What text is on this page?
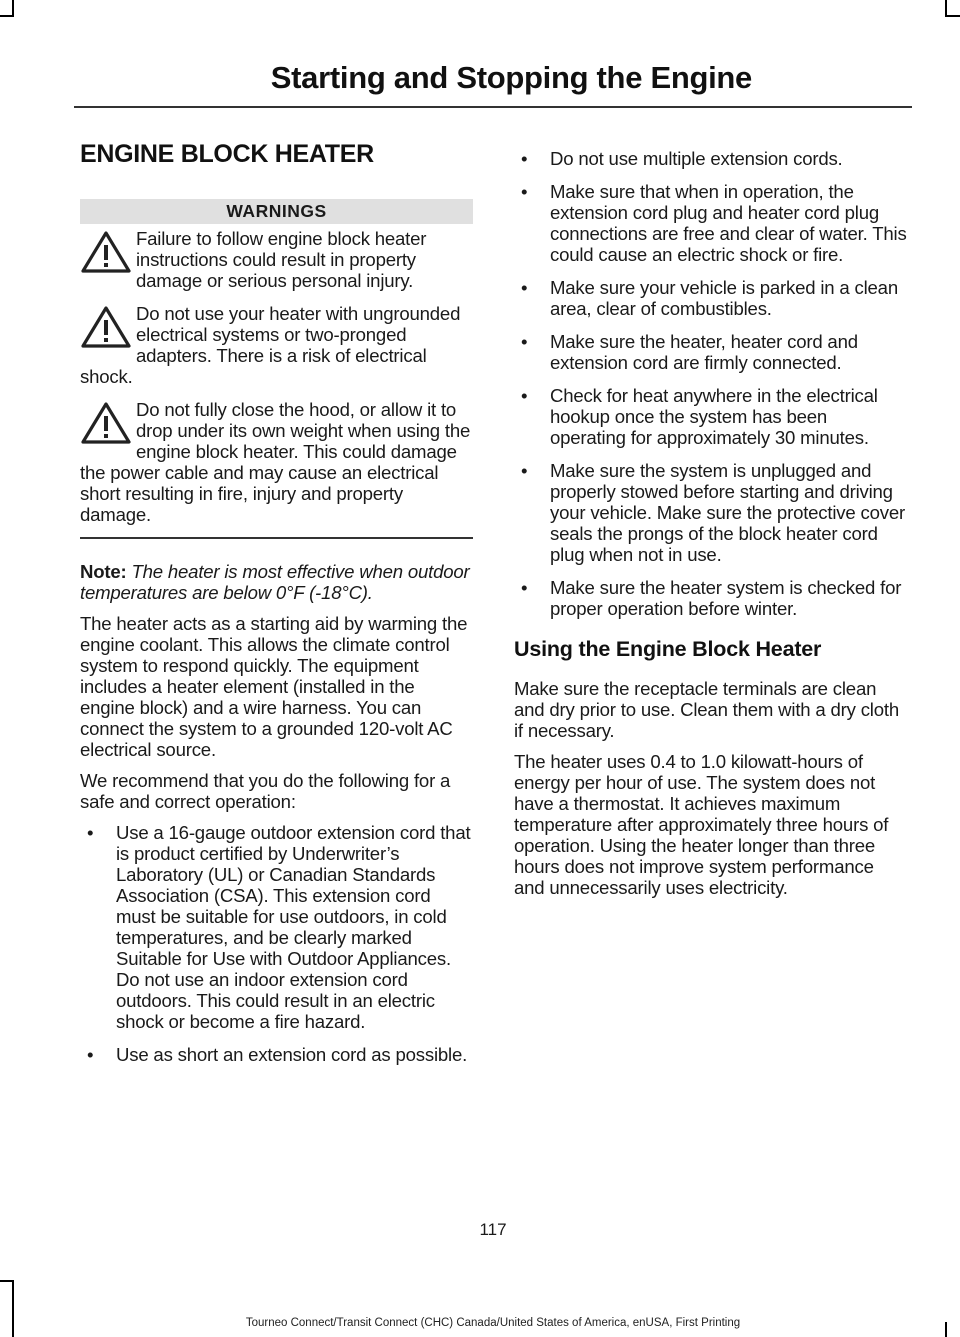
Starting and Stopping the Engine
ENGINE BLOCK HEATER
WARNINGS

Failure to follow engine block heater instructions could result in property damage or serious personal injury.

Do not use your heater with ungrounded electrical systems or two-pronged adapters. There is a risk of electrical shock.

Do not fully close the hood, or allow it to drop under its own weight when using the engine block heater. This could damage the power cable and may cause an electrical short resulting in fire, injury and property damage.

Note: The heater is most effective when outdoor temperatures are below 0°F (-18°C).

The heater acts as a starting aid by warming the engine coolant. This allows the climate control system to respond quickly. The equipment includes a heater element (installed in the engine block) and a wire harness. You can connect the system to a grounded 120-volt AC electrical source.

We recommend that you do the following for a safe and correct operation:

• Use a 16-gauge outdoor extension cord that is product certified by Underwriter’s Laboratory (UL) or Canadian Standards Association (CSA). This extension cord must be suitable for use outdoors, in cold temperatures, and be clearly marked Suitable for Use with Outdoor Appliances. Do not use an indoor extension cord outdoors. This could result in an electric shock or become a fire hazard.
• Use as short an extension cord as possible.
• Do not use multiple extension cords.
• Make sure that when in operation, the extension cord plug and heater cord plug connections are free and clear of water. This could cause an electric shock or fire.
• Make sure your vehicle is parked in a clean area, clear of combustibles.
• Make sure the heater, heater cord and extension cord are firmly connected.
• Check for heat anywhere in the electrical hookup once the system has been operating for approximately 30 minutes.
• Make sure the system is unplugged and properly stowed before starting and driving your vehicle. Make sure the protective cover seals the prongs of the block heater cord plug when not in use.
• Make sure the heater system is checked for proper operation before winter.
Using the Engine Block Heater

Make sure the receptacle terminals are clean and dry prior to use. Clean them with a dry cloth if necessary.

The heater uses 0.4 to 1.0 kilowatt-hours of energy per hour of use. The system does not have a thermostat. It achieves maximum temperature after approximately three hours of operation. Using the heater longer than three hours does not improve system performance and unnecessarily uses electricity.

117
Tourneo Connect/Transit Connect (CHC) Canada/United States of America, enUSA, First Printing
